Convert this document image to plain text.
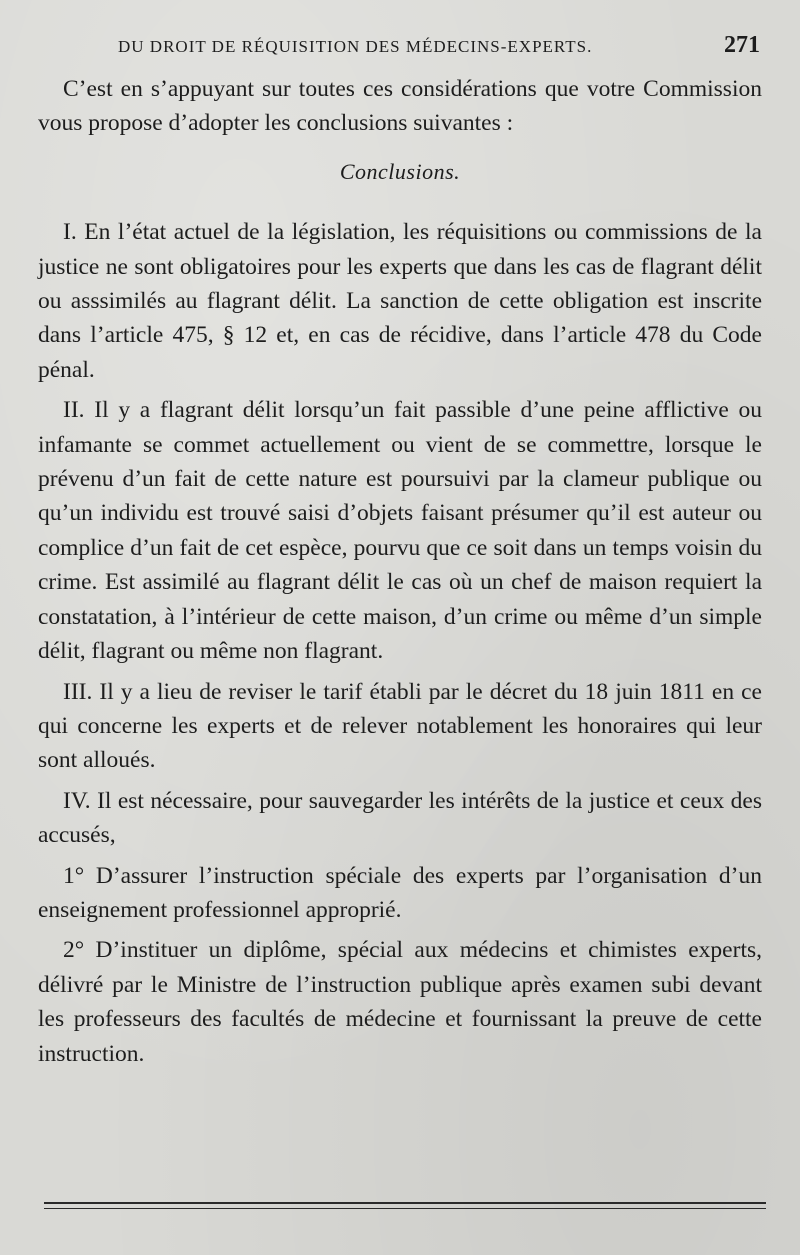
DU DROIT DE RÉQUISITION DES MÉDECINS-EXPERTS.	271

C’est en s’appuyant sur toutes ces considérations que votre Commission vous propose d’adopter les conclusions suivantes :

Conclusions.

I. En l’état actuel de la législation, les réquisitions ou commissions de la justice ne sont obligatoires pour les experts que dans les cas de flagrant délit ou asssimilés au flagrant délit. La sanction de cette obligation est inscrite dans l’article 475, § 12 et, en cas de récidive, dans l’article 478 du Code pénal.

II. Il y a flagrant délit lorsqu’un fait passible d’une peine afflictive ou infamante se commet actuellement ou vient de se commettre, lorsque le prévenu d’un fait de cette nature est poursuivi par la clameur publique ou qu’un individu est trouvé saisi d’objets faisant présumer qu’il est auteur ou complice d’un fait de cet espèce, pourvu que ce soit dans un temps voisin du crime. Est assimilé au flagrant délit le cas où un chef de maison requiert la constatation, à l’intérieur de cette maison, d’un crime ou même d’un simple délit, flagrant ou même non flagrant.

III. Il y a lieu de reviser le tarif établi par le décret du 18 juin 1811 en ce qui concerne les experts et de relever notablement les honoraires qui leur sont alloués.

IV. Il est nécessaire, pour sauvegarder les intérêts de la justice et ceux des accusés,

1° D’assurer l’instruction spéciale des experts par l’organisation d’un enseignement professionnel approprié.

2° D’instituer un diplôme, spécial aux médecins et chimistes experts, délivré par le Ministre de l’instruction publique après examen subi devant les professeurs des facultés de médecine et fournissant la preuve de cette instruction.
